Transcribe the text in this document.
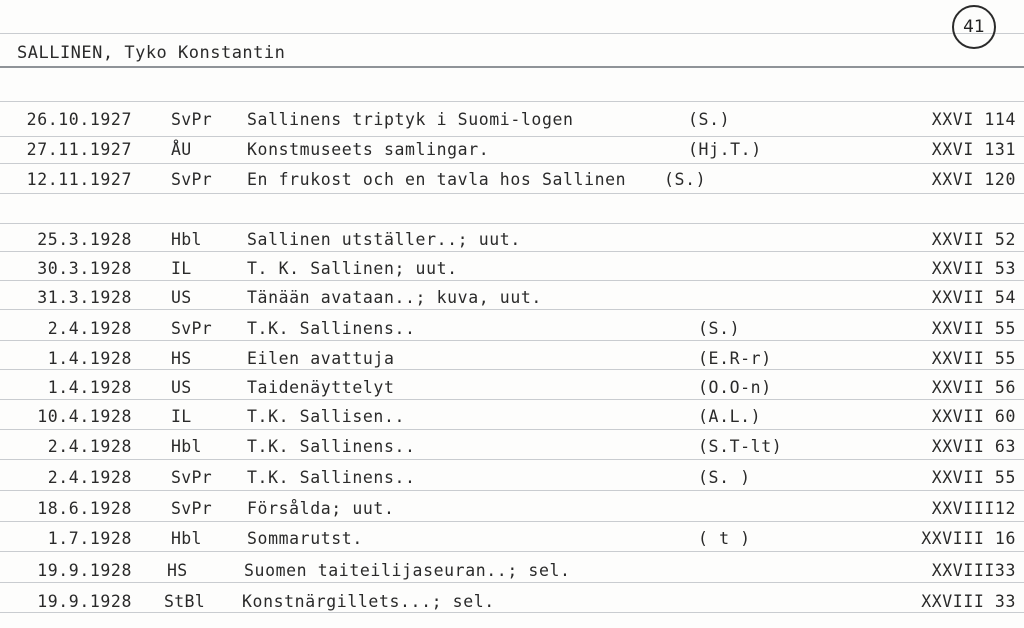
41
SALLINEN, Tyko Konstantin
26.10.1927 SvPr Sallinens triptyk i Suomi-logen	(S.)	XXVI 114
27.11.1927 ÅU	Konstmuseets samlingar.	(Hj.T.)	XXVI 131
12.11.1927 SvPr En frukost och en tavla hos Sallinen (S.)	XXVI 120
25.3.1928 Hbl	Sallinen utställer..; uut.	XXVII 52
30.3.1928 IL	T. K. Sallinen; uut.	XXVII 53
31.3.1928 US	Tänään avataan..; kuva, uut.	XXVII 54
2.4.1928 SvPr T.K. Sallinens..	(S.)	XXVII 55
1.4.1928 HS	Eilen avattuja	(E.R-r)	XXVII 55
1.4.1928 US	Taidenäyttelyt	(O.O-n)	XXVII 56
10.4.1928 IL	T.K. Sallisen..	(A.L.)	XXVII 60
2.4.1928 Hbl	T.K. Sallinens..	(S.T-lt)	XXVII 63
2.4.1928 SvPr T.K. Sallinens..	(S. )	XXVII 55
18.6.1928 SvPr Försålda; uut.	XXVIII12
1.7.1928 Hbl	Sommarutst.	( t )	XXVIII 16
19.9.1928 HS	Suomen taiteilijaseuran..; sel.	XXVIII33
19.9.1928 StBl Konstnärgillets...; sel.	XXVIII 33
